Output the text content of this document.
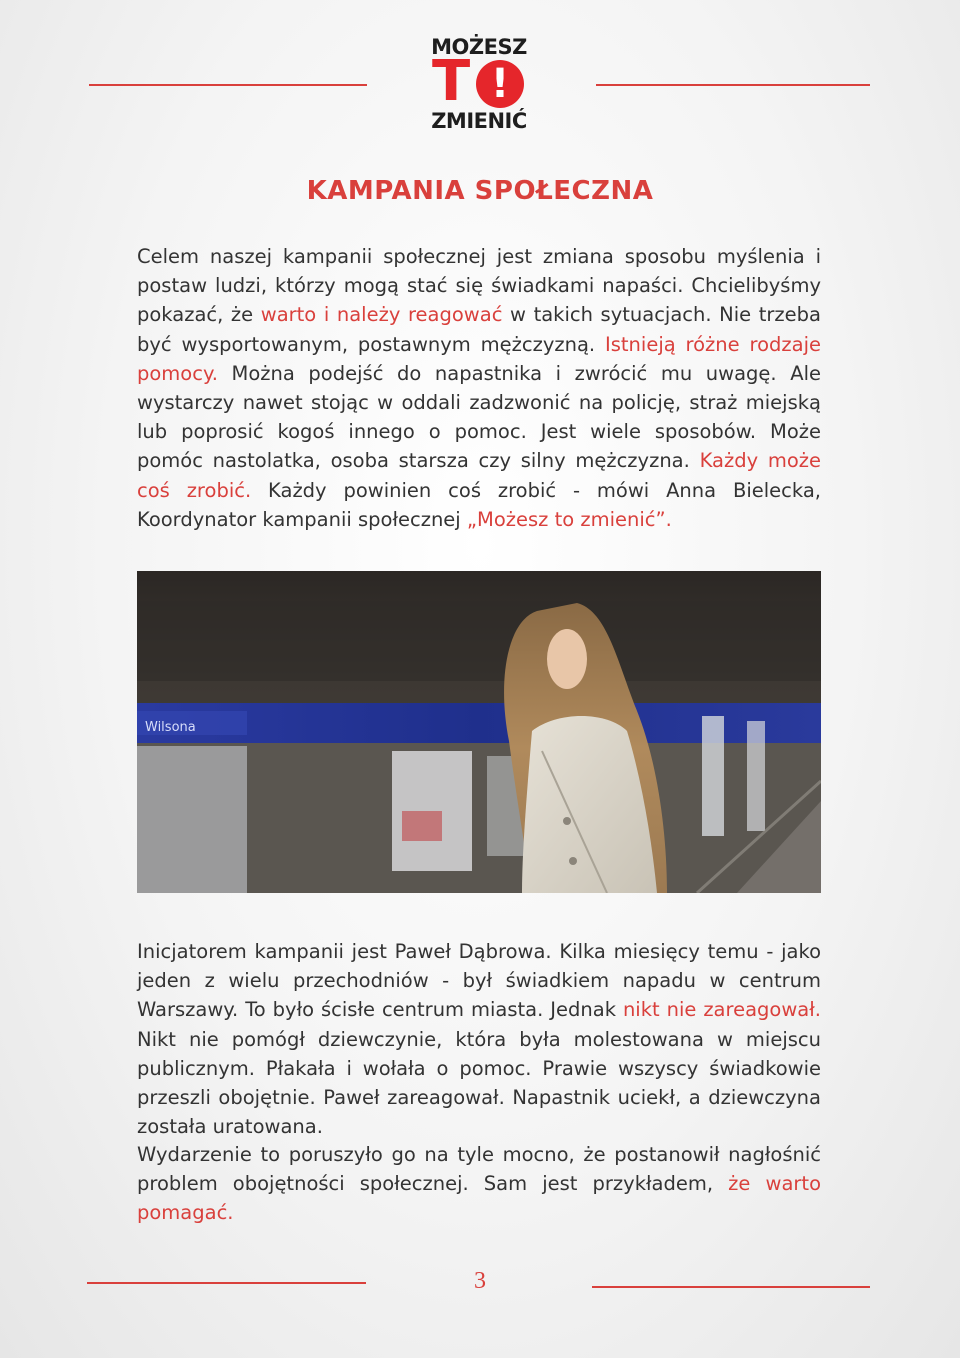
MOŻESZ
T !
ZMIENIĆ
KAMPANIA SPOŁECZNA

Celem naszej kampanii społecznej jest zmiana sposobu myślenia i postaw ludzi, którzy mogą stać się świadkami napaści. Chcielibyśmy pokazać, że warto i należy reagować w takich sytuacjach. Nie trzeba być wysportowanym, postawnym mężczyzną. Istnieją różne rodzaje pomocy. Można podejść do napastnika i zwrócić mu uwagę. Ale wystarczy nawet stojąc w oddali zadzwonić na policję, straż miejską lub poprosić kogoś innego o pomoc. Jest wiele sposobów. Może pomóc nastolatka, osoba starsza czy silny mężczyzna. Każdy może coś zrobić. Każdy powinien coś zrobić - mówi Anna Bielecka, Koordynator kampanii społecznej „Możesz to zmienić”.

Wilsona

Inicjatorem kampanii jest Paweł Dąbrowa. Kilka miesięcy temu - jako jeden z wielu przechodniów - był świadkiem napadu w centrum Warszawy. To było ścisłe centrum miasta. Jednak nikt nie zareagował. Nikt nie pomógł dziewczynie, która była molestowana w miejscu publicznym. Płakała i wołała o pomoc. Prawie wszyscy świadkowie przeszli obojętnie. Paweł zareagował. Napastnik uciekł, a dziewczyna została uratowana.

Wydarzenie to poruszyło go na tyle mocno, że postanowił nagłośnić problem obojętności społecznej. Sam jest przykładem, że warto pomagać.

3
